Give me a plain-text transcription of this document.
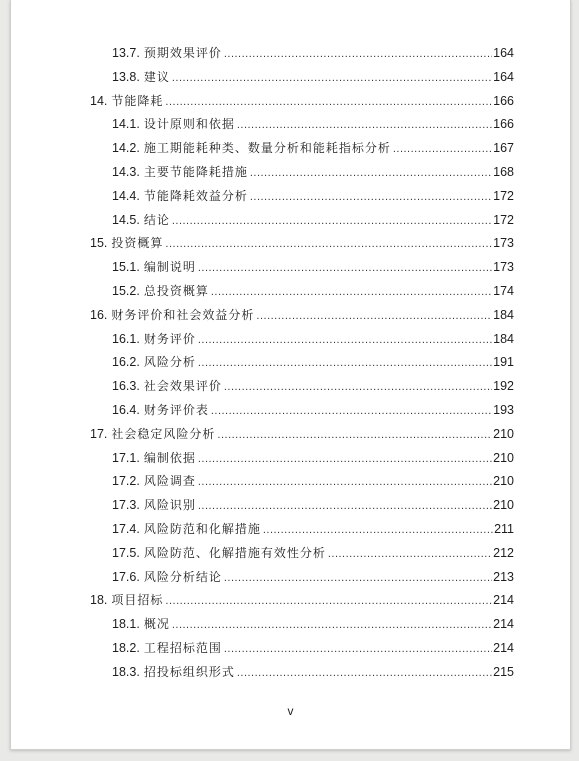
13.7. 预期效果评价 .....	164
13.8. 建议 .....	164
14. 节能降耗 .....	166
14.1. 设计原则和依据 .....	166
14.2. 施工期能耗种类、数量分析和能耗指标分析 .....	167
14.3. 主要节能降耗措施 .....	168
14.4. 节能降耗效益分析 .....	172
14.5. 结论 .....	172
15. 投资概算 .....	173
15.1. 编制说明 .....	173
15.2. 总投资概算 .....	174
16. 财务评价和社会效益分析 .....	184
16.1. 财务评价 .....	184
16.2. 风险分析 .....	191
16.3. 社会效果评价 .....	192
16.4. 财务评价表 .....	193
17. 社会稳定风险分析 .....	210
17.1. 编制依据 .....	210
17.2. 风险调查 .....	210
17.3. 风险识别 .....	210
17.4. 风险防范和化解措施 .....	211
17.5. 风险防范、化解措施有效性分析 .....	212
17.6. 风险分析结论 .....	213
18. 项目招标 .....	214
18.1. 概况 .....	214
18.2. 工程招标范围 .....	214
18.3. 招投标组织形式 .....	215
v
